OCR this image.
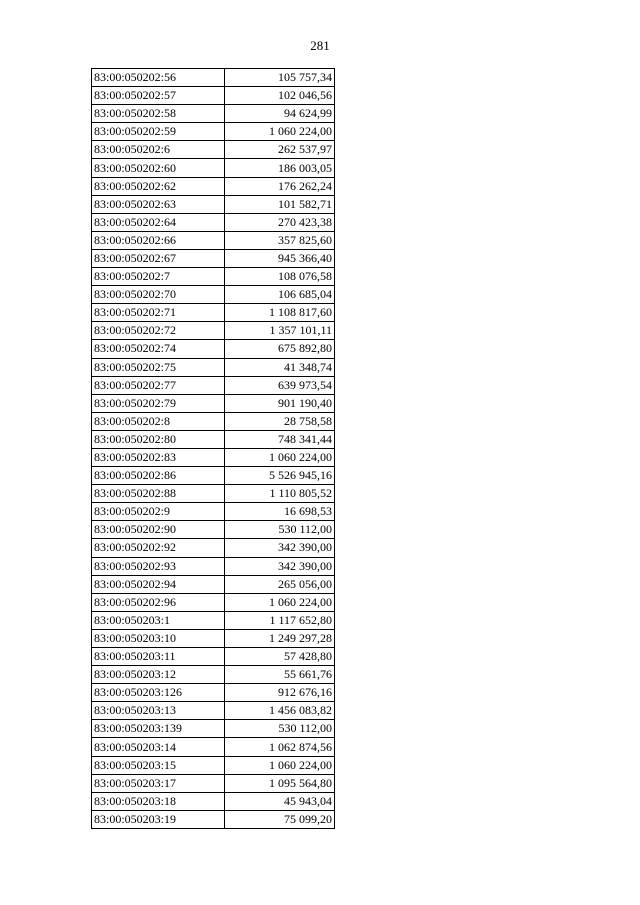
281
83:00:050202:56	105 757,34
83:00:050202:57	102 046,56
83:00:050202:58	94 624,99
83:00:050202:59	1 060 224,00
83:00:050202:6	262 537,97
83:00:050202:60	186 003,05
83:00:050202:62	176 262,24
83:00:050202:63	101 582,71
83:00:050202:64	270 423,38
83:00:050202:66	357 825,60
83:00:050202:67	945 366,40
83:00:050202:7	108 076,58
83:00:050202:70	106 685,04
83:00:050202:71	1 108 817,60
83:00:050202:72	1 357 101,11
83:00:050202:74	675 892,80
83:00:050202:75	41 348,74
83:00:050202:77	639 973,54
83:00:050202:79	901 190,40
83:00:050202:8	28 758,58
83:00:050202:80	748 341,44
83:00:050202:83	1 060 224,00
83:00:050202:86	5 526 945,16
83:00:050202:88	1 110 805,52
83:00:050202:9	16 698,53
83:00:050202:90	530 112,00
83:00:050202:92	342 390,00
83:00:050202:93	342 390,00
83:00:050202:94	265 056,00
83:00:050202:96	1 060 224,00
83:00:050203:1	1 117 652,80
83:00:050203:10	1 249 297,28
83:00:050203:11	57 428,80
83:00:050203:12	55 661,76
83:00:050203:126	912 676,16
83:00:050203:13	1 456 083,82
83:00:050203:139	530 112,00
83:00:050203:14	1 062 874,56
83:00:050203:15	1 060 224,00
83:00:050203:17	1 095 564,80
83:00:050203:18	45 943,04
83:00:050203:19	75 099,20
